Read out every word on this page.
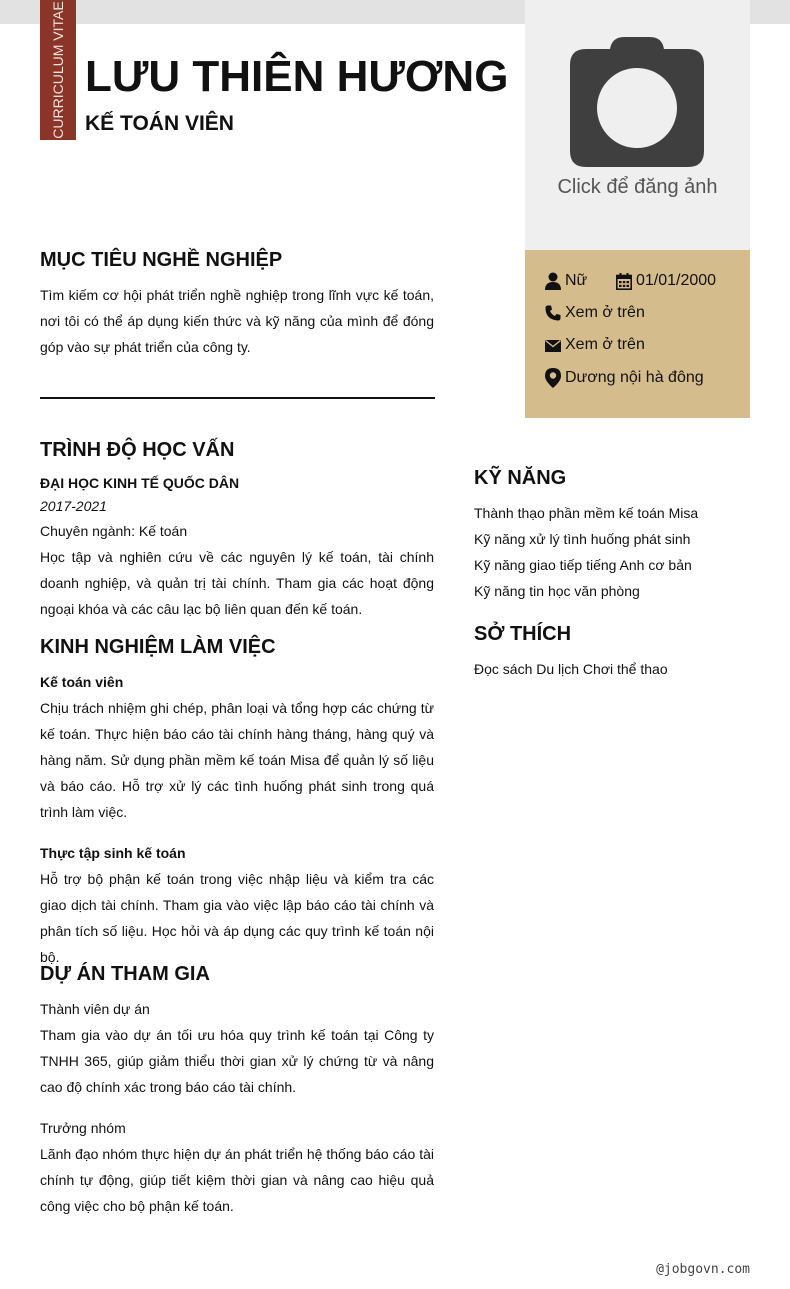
CURRICULUM VITAE LƯU THIÊN HƯƠNG
KẾ TOÁN VIÊN
Click để đăng ảnh
Nữ	01/01/2000
Xem ở trên
Xem ở trên
Dương nội hà đông
MỤC TIÊU NGHỀ NGHIỆP
Tìm kiếm cơ hội phát triển nghề nghiệp trong lĩnh vực kế toán, nơi tôi có thể áp dụng kiến thức và kỹ năng của mình để đóng góp vào sự phát triển của công ty.
TRÌNH ĐỘ HỌC VẤN
ĐẠI HỌC KINH TẾ QUỐC DÂN
2017-2021
Chuyên ngành: Kế toán
Học tập và nghiên cứu về các nguyên lý kế toán, tài chính doanh nghiệp, và quản trị tài chính. Tham gia các hoạt động ngoại khóa và các câu lạc bộ liên quan đến kế toán.
KINH NGHIỆM LÀM VIỆC
Kế toán viên
Chịu trách nhiệm ghi chép, phân loại và tổng hợp các chứng từ kế toán. Thực hiện báo cáo tài chính hàng tháng, hàng quý và hàng năm. Sử dụng phần mềm kế toán Misa để quản lý số liệu và báo cáo. Hỗ trợ xử lý các tình huống phát sinh trong quá trình làm việc.
Thực tập sinh kế toán
Hỗ trợ bộ phận kế toán trong việc nhập liệu và kiểm tra các giao dịch tài chính. Tham gia vào việc lập báo cáo tài chính và phân tích số liệu. Học hỏi và áp dụng các quy trình kế toán nội bộ.
DỰ ÁN THAM GIA
Thành viên dự án
Tham gia vào dự án tối ưu hóa quy trình kế toán tại Công ty TNHH 365, giúp giảm thiểu thời gian xử lý chứng từ và nâng cao độ chính xác trong báo cáo tài chính.
Trưởng nhóm
Lãnh đạo nhóm thực hiện dự án phát triển hệ thống báo cáo tài chính tự động, giúp tiết kiệm thời gian và nâng cao hiệu quả công việc cho bộ phận kế toán.
KỸ NĂNG
Thành thạo phần mềm kế toán Misa
Kỹ năng xử lý tình huống phát sinh
Kỹ năng giao tiếp tiếng Anh cơ bản
Kỹ năng tin học văn phòng
SỞ THÍCH
Đọc sách Du lịch Chơi thể thao
@jobgovn.com
